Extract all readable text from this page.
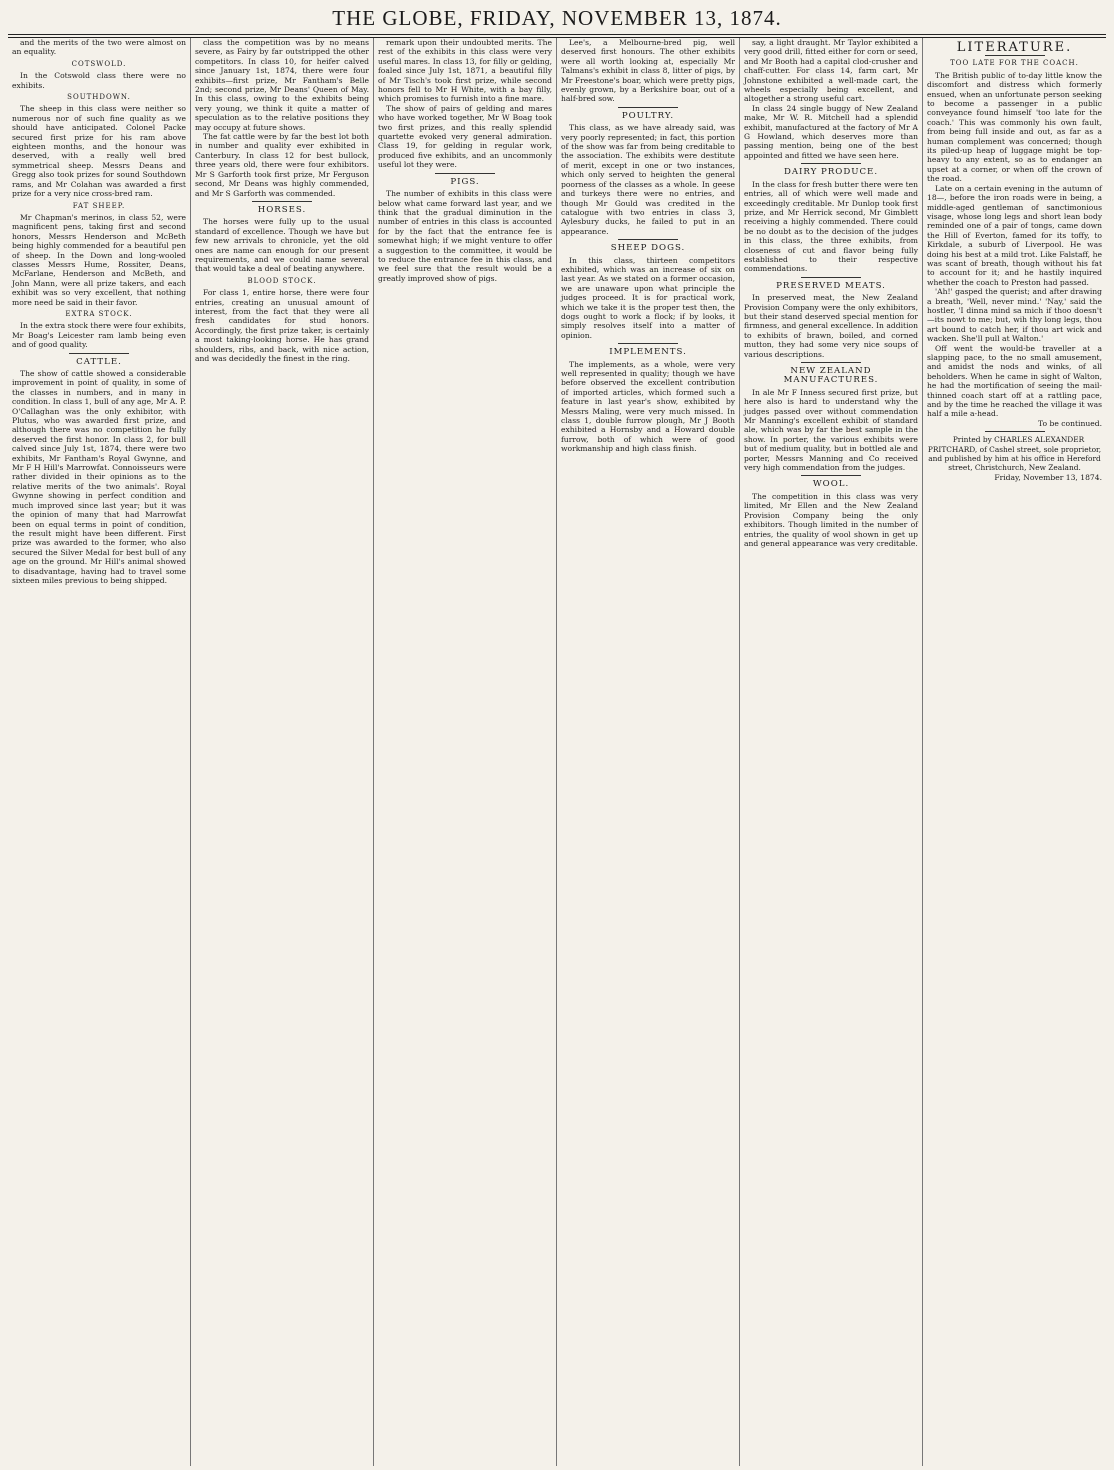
THE GLOBE, FRIDAY, NOVEMBER 13, 1874.

and the merits of the two were almost on an equality.

COTSWOLD.

In the Cotswold class there were no exhibits.

SOUTHDOWN.

The sheep in this class were neither so numerous nor of such fine quality as we should have anticipated. Colonel Packe secured first prize for his ram above eighteen months, and the honour was deserved, with a really well bred symmetrical sheep. Messrs Deans and Gregg also took prizes for sound Southdown rams, and Mr Colahan was awarded a first prize for a very nice cross-bred ram.

FAT SHEEP.

Mr Chapman's merinos, in class 52, were magnificent pens, taking first and second honors, Messrs Henderson and McBeth being highly commended for a beautiful pen of sheep. In the Down and long-wooled classes Messrs Hume, Rossiter, Deans, McFarlane, Henderson and McBeth, and John Mann, were all prize takers, and each exhibit was so very excellent, that nothing more need be said in their favor.

EXTRA STOCK.

In the extra stock there were four exhibits, Mr Boag's Leicester ram lamb being even and of good quality.

CATTLE.

The show of cattle showed a considerable improvement in point of quality, in some of the classes in numbers, and in many in condition. In class 1, bull of any age, Mr A. P. O'Callaghan was the only exhibitor, with Plutus, who was awarded first prize, and although there was no competition he fully deserved the first honor. In class 2, for bull calved since July 1st, 1874, there were two exhibits, Mr Fantham's Royal Gwynne, and Mr F H Hill's Marrowfat. Connoisseurs were rather divided in their opinions as to the relative merits of the two animals'. Royal Gwynne showing in perfect condition and much improved since last year; but it was the opinion of many that had Marrowfat been on equal terms in point of condition, the result might have been different. First prize was awarded to the former, who also secured the Silver Medal for best bull of any age on the ground. Mr Hill's animal showed to disadvantage, having had to travel some sixteen miles previous to being shipped.

class the competition was by no means severe, as Fairy by far outstripped the other competitors. In class 10, for heifer calved since January 1st, 1874, there were four exhibits—first prize, Mr Fantham's Belle 2nd; second prize, Mr Deans' Queen of May. In this class, owing to the exhibits being very young, we think it quite a matter of speculation as to the relative positions they may occupy at future shows.

The fat cattle were by far the best lot both in number and quality ever exhibited in Canterbury. In class 12 for best bullock, three years old, there were four exhibitors. Mr S Garforth took first prize, Mr Ferguson second, Mr Deans was highly commended, and Mr S Garforth was commended.

HORSES.

The horses were fully up to the usual standard of excellence. Though we have but few new arrivals to chronicle, yet the old ones are name can enough for our present requirements, and we could name several that would take a deal of beating anywhere.

BLOOD STOCK.

For class 1, entire horse, there were four entries, creating an unusual amount of interest, from the fact that they were all fresh candidates for stud honors. Accordingly, the first prize taker, is certainly a most taking-looking horse. He has grand shoulders, ribs, and back, with nice action, and was decidedly the finest in the ring.

remark upon their undoubted merits. The rest of the exhibits in this class were very useful mares. In class 13, for filly or gelding, foaled since July 1st, 1871, a beautiful filly of Mr Tisch's took first prize, while second honors fell to Mr H White, with a bay filly, which promises to furnish into a fine mare.

The show of pairs of gelding and mares who have worked together, Mr W Boag took two first prizes, and this really splendid quartette evoked very general admiration. Class 19, for gelding in regular work, produced five exhibits, and an uncommonly useful lot they were.

PIGS.

The number of exhibits in this class were below what came forward last year, and we think that the gradual diminution in the number of entries in this class is accounted for by the fact that the entrance fee is somewhat high; if we might venture to offer a suggestion to the committee, it would be to reduce the entrance fee in this class, and we feel sure that the result would be a greatly improved show of pigs.

Lee's, a Melbourne-bred pig, well deserved first honours. The other exhibits were all worth looking at, especially Mr Talmans's exhibit in class 8, litter of pigs, by Mr Freestone's boar, which were pretty pigs, evenly grown, by a Berkshire boar, out of a half-bred sow.

POULTRY.

This class, as we have already said, was very poorly represented; in fact, this portion of the show was far from being creditable to the association. The exhibits were destitute of merit, except in one or two instances, which only served to heighten the general poorness of the classes as a whole. In geese and turkeys there were no entries, and though Mr Gould was credited in the catalogue with two entries in class 3, Aylesbury ducks, he failed to put in an appearance.

SHEEP DOGS.

In this class, thirteen competitors exhibited, which was an increase of six on last year. As we stated on a former occasion, we are unaware upon what principle the judges proceed. It is for practical work, which we take it is the proper test then, the dogs ought to work a flock; if by looks, it simply resolves itself into a matter of opinion.

IMPLEMENTS.

The implements, as a whole, were very well represented in quality; though we have before observed the excellent contribution of imported articles, which formed such a feature in last year's show, exhibited by Messrs Maling, were very much missed. In class 1, double furrow plough, Mr J Booth exhibited a Hornsby and a Howard double furrow, both of which were of good workmanship and high class finish.

say, a light draught. Mr Taylor exhibited a very good drill, fitted either for corn or seed, and Mr Booth had a capital clod-crusher and chaff-cutter. For class 14, farm cart, Mr Johnstone exhibited a well-made cart, the wheels especially being excellent, and altogether a strong useful cart.

In class 24 single buggy of New Zealand make, Mr W. R. Mitchell had a splendid exhibit, manufactured at the factory of Mr A G Howland, which deserves more than passing mention, being one of the best appointed and fitted we have seen here.

DAIRY PRODUCE.

In the class for fresh butter there were ten entries, all of which were well made and exceedingly creditable. Mr Dunlop took first prize, and Mr Herrick second, Mr Gimblett receiving a highly commended. There could be no doubt as to the decision of the judges in this class, the three exhibits, from closeness of cut and flavor being fully established to their respective commendations.

PRESERVED MEATS.

In preserved meat, the New Zealand Provision Company were the only exhibitors, but their stand deserved special mention for firmness, and general excellence. In addition to exhibits of brawn, boiled, and corned mutton, they had some very nice soups of various descriptions.

NEW ZEALAND MANUFACTURES.

In ale Mr F Inness secured first prize, but here also is hard to understand why the judges passed over without commendation Mr Manning's excellent exhibit of standard ale, which was by far the best sample in the show. In porter, the various exhibits were but of medium quality, but in bottled ale and porter, Messrs Manning and Co received very high commendation from the judges.

WOOL.

The competition in this class was very limited, Mr Ellen and the New Zealand Provision Company being the only exhibitors. Though limited in the number of entries, the quality of wool shown in get up and general appearance was very creditable.

LITERATURE.
TOO LATE FOR THE COACH.

The British public of to-day little know the discomfort and distress which formerly ensued, when an unfortunate person seeking to become a passenger in a public conveyance found himself 'too late for the coach.' This was commonly his own fault, from being full inside and out, as far as a human complement was concerned; though its piled-up heap of luggage might be top-heavy to any extent, so as to endanger an upset at a corner, or when off the crown of the road.

Late on a certain evening in the autumn of 18—, before the iron roads were in being, a middle-aged gentleman of sanctimonious visage, whose long legs and short lean body reminded one of a pair of tongs, came down the Hill of Everton, famed for its toffy, to Kirkdale, a suburb of Liverpool. He was doing his best at a mild trot. Like Falstaff, he was scant of breath, though without his fat to account for it; and he hastily inquired whether the coach to Preston had passed.

'Ah!' gasped the querist; and after drawing a breath, 'Well, never mind.' 'Nay,' said the hostler, 'I dinna mind sa mich if thoo doesn't—its nowt to me; but, wih thy long legs, thou art bound to catch her, if thou art wick and wacken. She'll pull at Walton.'

Off went the would-be traveller at a slapping pace, to the no small amusement, and amidst the nods and winks, of all beholders. When he came in sight of Walton, he had the mortification of seeing the mail-thinned coach start off at a rattling pace, and by the time he reached the village it was half a mile a-head.

To be continued.

Printed by CHARLES ALEXANDER PRITCHARD, of Cashel street, sole proprietor, and published by him at his office in Hereford street, Christchurch, New Zealand.

Friday, November 13, 1874.
